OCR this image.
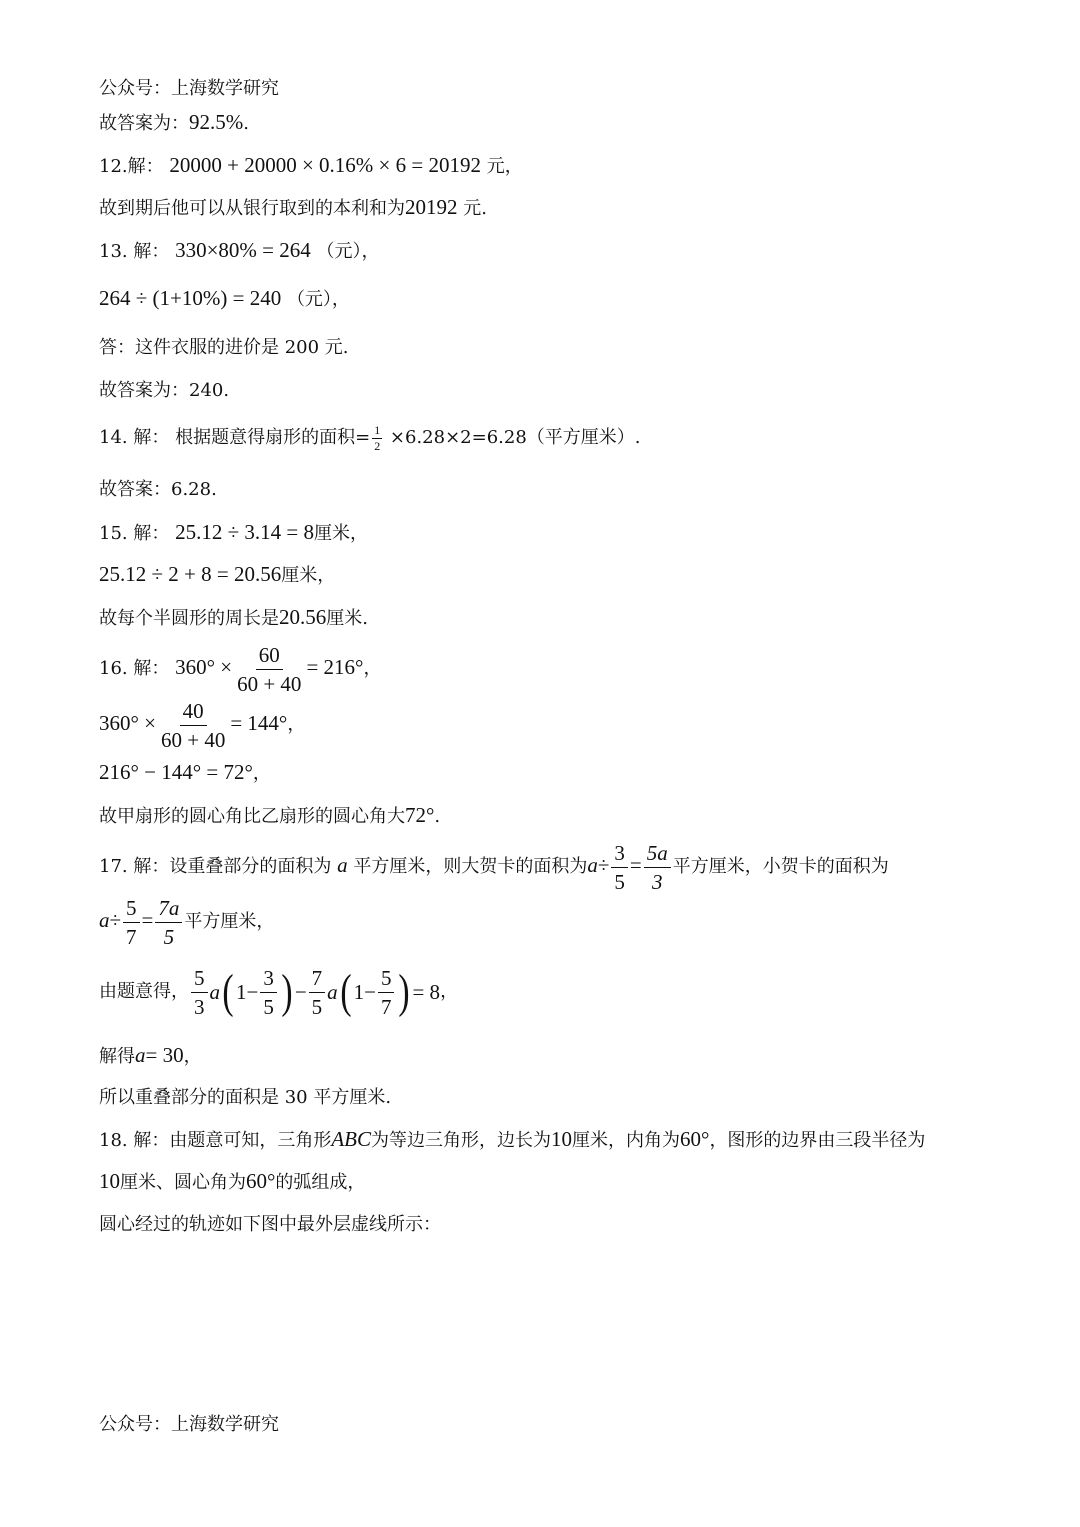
公众号：上海数学研究
故答案为：92.5%.
12.解： 20000 + 20000 × 0.16% × 6 = 20192 元，
故到期后他可以从银行取到的本利和为20192 元.
13. 解： 330×80% = 264 （元），
264 ÷ (1+10%) = 240 （元），
答：这件衣服的进价是 200 元.
故答案为：240.
14. 解： 根据题意得扇形的面积= $\frac{1}{2} \times 6.28\times 2=6.28$（平方厘米）.
故答案：6.28.
15. 解： 25.12 ÷ 3.14 = 8厘米，
25.12 ÷ 2 + 8 = 20.56厘米，
故每个半圆形的周长是20.56厘米.
16. 解： $360^\circ \times \frac{60}{60 + 40} = 216^\circ$，
$360^\circ \times \frac{40}{60 + 40} = 144^\circ$，
216° − 144° = 72°，
故甲扇形的圆心角比乙扇形的圆心角大72°.
17. 解：设重叠部分的面积为 a 平方厘米，则大贺卡的面积为$a\div \frac{3}{5} = \frac{5a}{3}$ 平方厘米，小贺卡的面积为
$a\div \frac{5}{7} = \frac{7a}{5}$ 平方厘米，
由题意得， $\frac{5}{3}$ a ( $1 - \frac{3}{5}$ ) − $\frac{7}{5}$ a ( $1 - \frac{5}{7}$ ) = 8 ，
解得a= 30，
所以重叠部分的面积是 30 平方厘米.
18. 解：由题意可知，三角形ABC为等边三角形，边长为10厘米，内角为60°，图形的边界由三段半径为
10厘米、圆心角为60°的弧组成，
圆心经过的轨迹如下图中最外层虚线所示：
公众号：上海数学研究
